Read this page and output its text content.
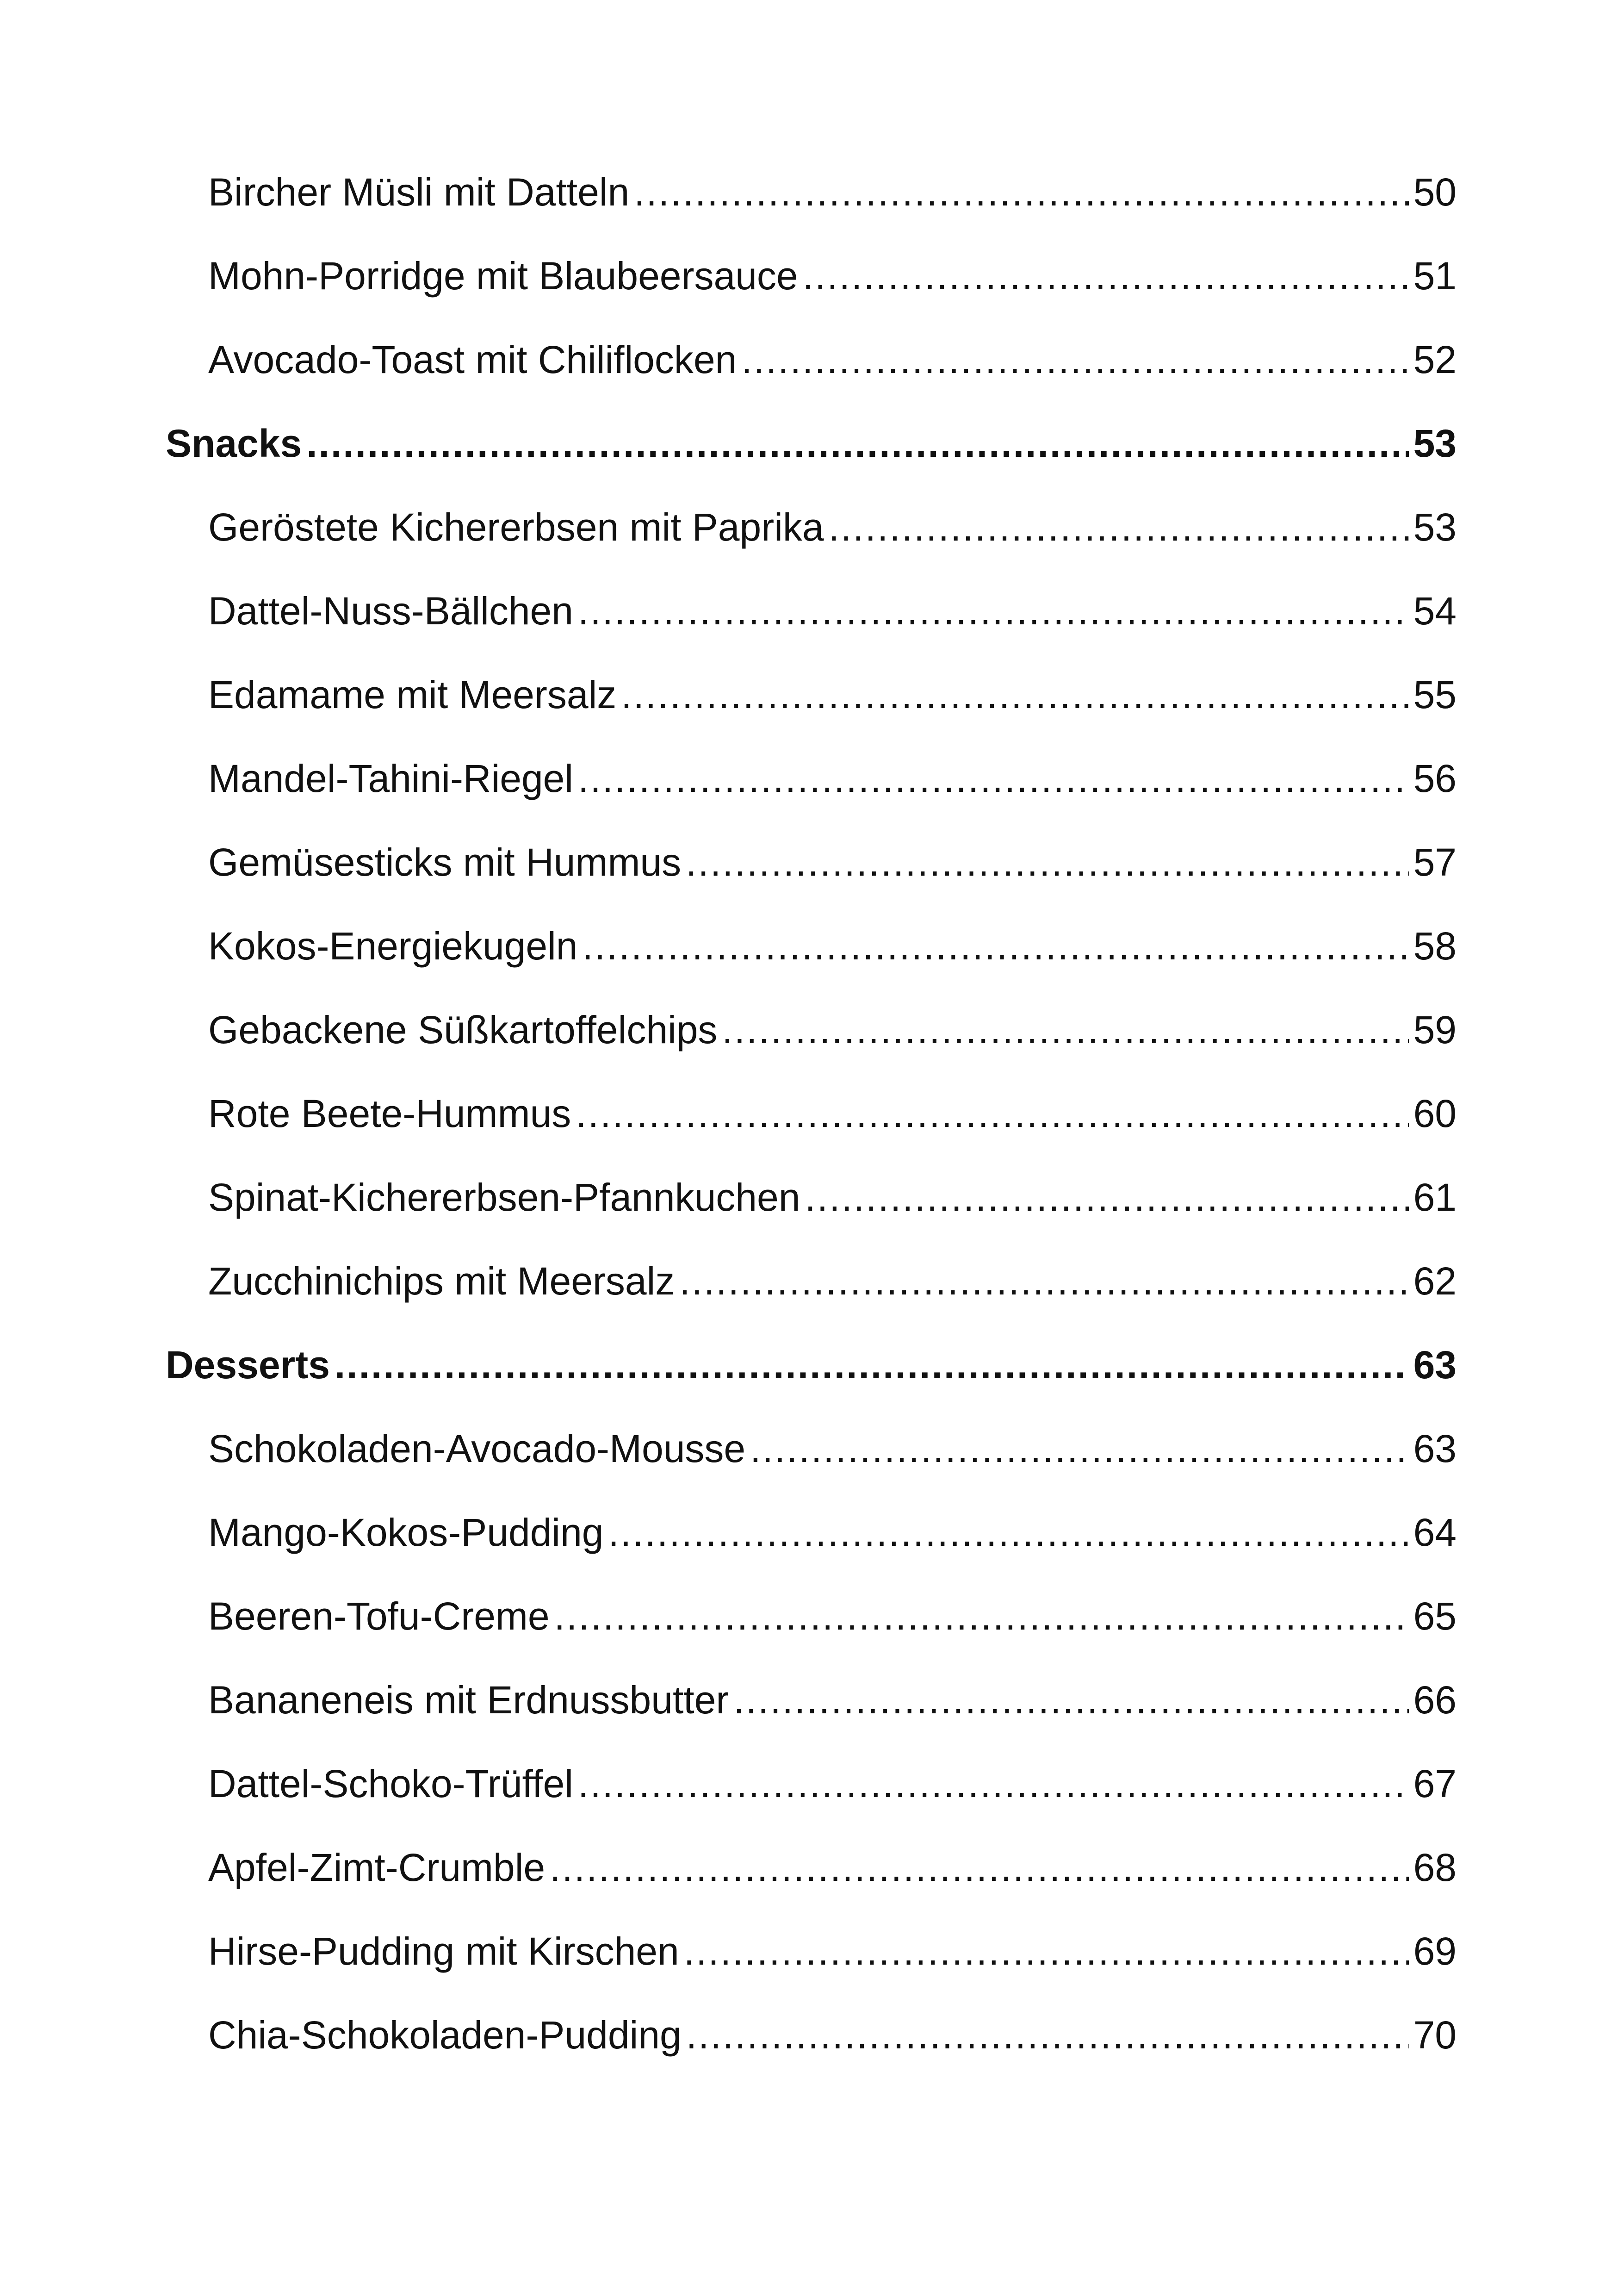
Bircher Müsli mit Datteln .....	50
Mohn-Porridge mit Blaubeersauce .....	51
Avocado-Toast mit Chiliflocken .....	52
Snacks .....	53
Geröstete Kichererbsen mit Paprika .....	53
Dattel-Nuss-Bällchen .....	54
Edamame mit Meersalz .....	55
Mandel-Tahini-Riegel .....	56
Gemüsesticks mit Hummus .....	57
Kokos-Energiekugeln .....	58
Gebackene Süßkartoffelchips .....	59
Rote Beete-Hummus .....	60
Spinat-Kichererbsen-Pfannkuchen .....	61
Zucchinichips mit Meersalz .....	62
Desserts .....	63
Schokoladen-Avocado-Mousse .....	63
Mango-Kokos-Pudding .....	64
Beeren-Tofu-Creme .....	65
Bananeneis mit Erdnussbutter .....	66
Dattel-Schoko-Trüffel .....	67
Apfel-Zimt-Crumble .....	68
Hirse-Pudding mit Kirschen .....	69
Chia-Schokoladen-Pudding .....	70
